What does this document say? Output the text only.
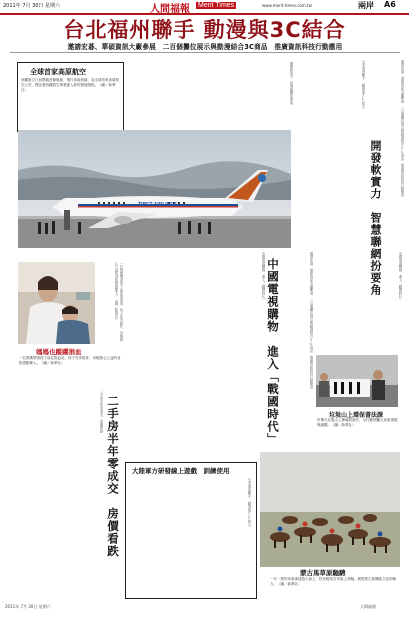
2011年 7月 30日 星期六	人間福報 Merit Times	www.merit-times.com.tw	兩岸 A6
台北福州聯手 動漫與3C結合
邀請宏碁、華碩資訊大廠參展　二百個攤位展示與動漫結合3C商品　推廣資訊科技行動應用
全球首家高原航空
西藏航空日前開通首條航線，飛行高原航線，為全球首家高原航空公司，標誌著西藏航空事業進入新的發展階段。（圖／新華社）
TIBET AIRLINES
開發軟實力　智慧聯網扮要角	台北福州聯手 動漫與3C結合
開發軟實力　智慧聯網扮要角
邀請宏碁、華碩資訊大廠參展　二百個攤位展示與動漫結合3C商品　推廣資訊科技行動應用
一位媽媽帶著孩子前往捐血站，孩子在旁陪伴，母親熱心公益的身影感動眾人。（圖／新華社）
媽媽也蹤躍捐血
一位媽媽帶著孩子前往捐血站，孩子在旁陪伴，母親熱心公益的身影感動眾人。（圖／新華社）
中國電視購物　進入「戰國時代」 中國電視購物　進入「戰國時代」	邀請宏碁、華碩資訊大廠參展　二百個攤位展示與動漫結合3C商品　推廣資訊科技行動應用	中國電視購物　進入「戰國時代」
垃圾山上環保書法課
民眾在垃圾山上揮毫寫書法，以行動呼籲大家重視環保議題。（圖／新華社）
蒙古馬草原馳騁
一年一度的草原那達慕大會上，牧民騎馬在草原上奔馳，展現蒙古族傳統文化的魅力。（圖／新華社）
二手房半年零成交　房價看跌 二手房半年零成交　房價看跌 大陸軍方研發線上遊戲　訓練使用
台北福州聯手 動漫與3C結合
2011年 7月 30日 星期六	人間福報
